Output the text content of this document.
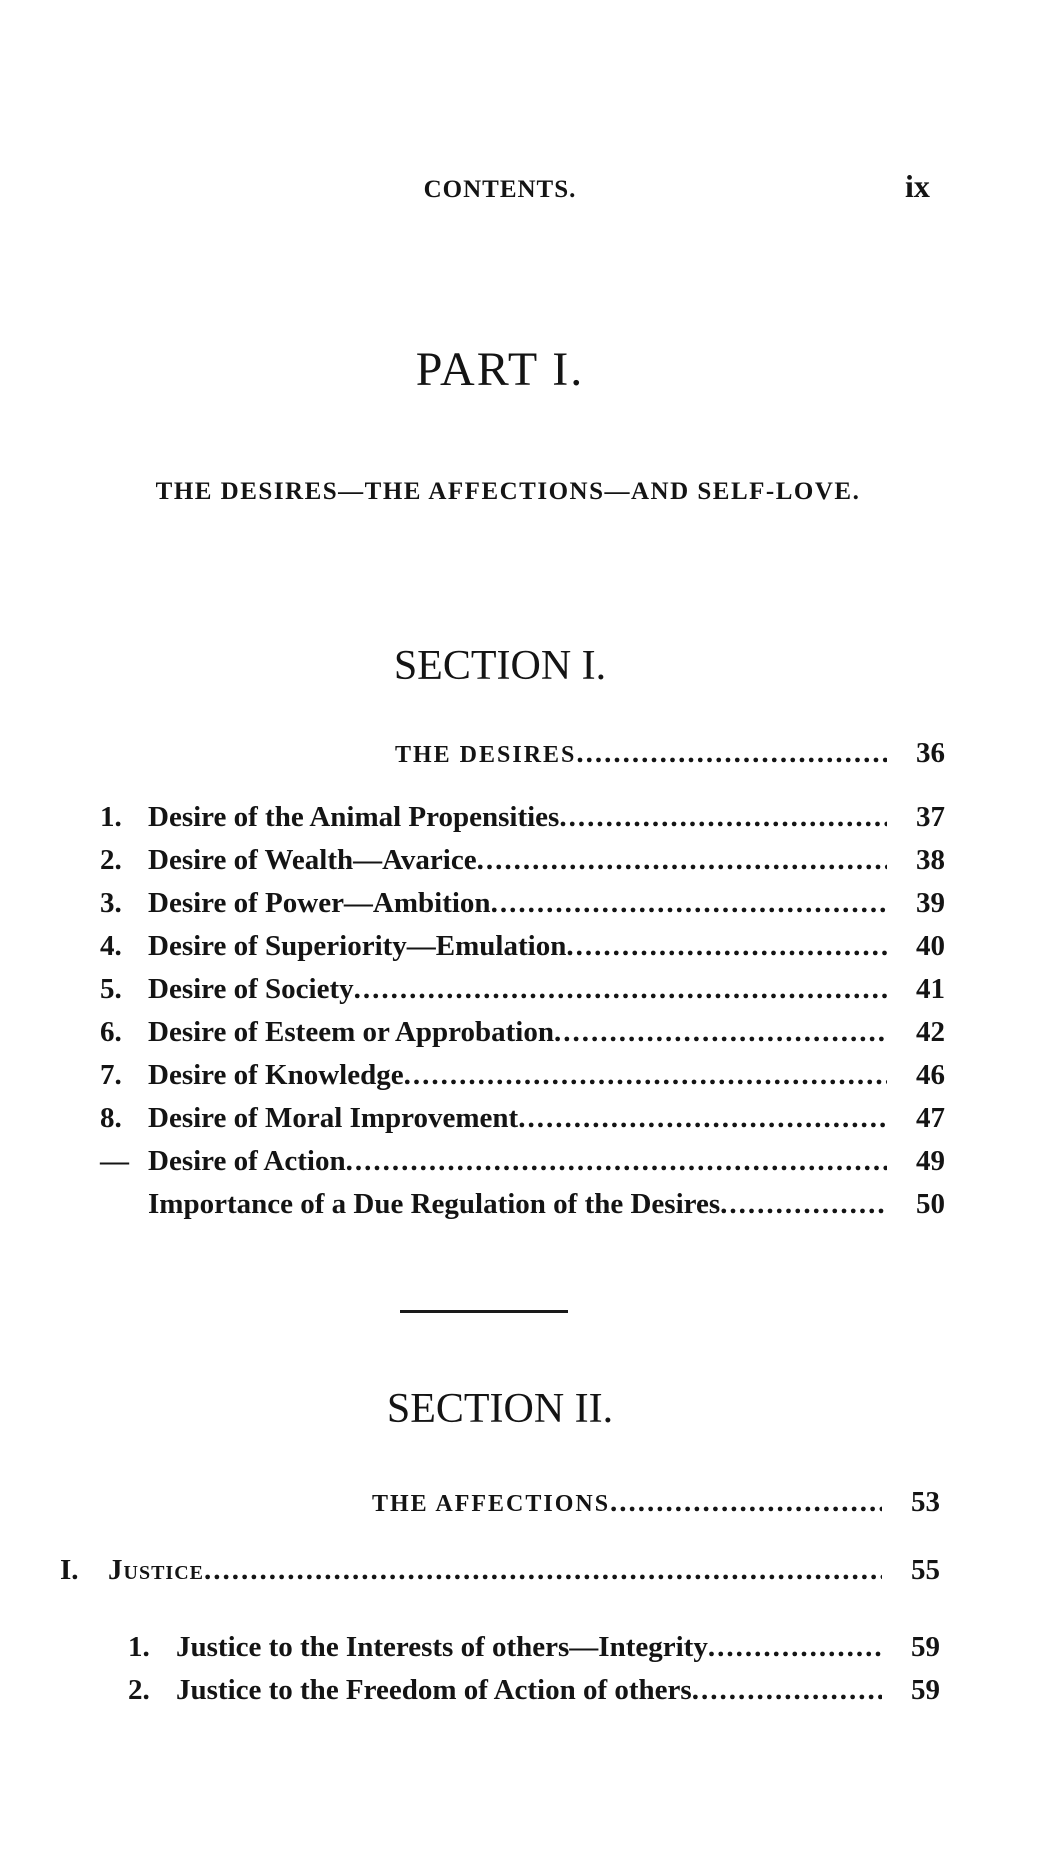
CONTENTS.	ix
PART I.
THE DESIRES—THE AFFECTIONS—AND SELF-LOVE.
SECTION I.
THE DESIRES .....	36
1. Desire of the Animal Propensities .....	37
2. Desire of Wealth—Avarice .....	38
3. Desire of Power—Ambition .....	39
4. Desire of Superiority—Emulation .....	40
5. Desire of Society .....	41
6. Desire of Esteem or Approbation .....	42
7. Desire of Knowledge .....	46
8. Desire of Moral Improvement .....	47
— Desire of Action .....	49
Importance of a Due Regulation of the Desires .....	50
SECTION II.
THE AFFECTIONS .....	53
I.	Justice .....	55
1. Justice to the Interests of others—Integrity .....	59
2. Justice to the Freedom of Action of others .....	59
